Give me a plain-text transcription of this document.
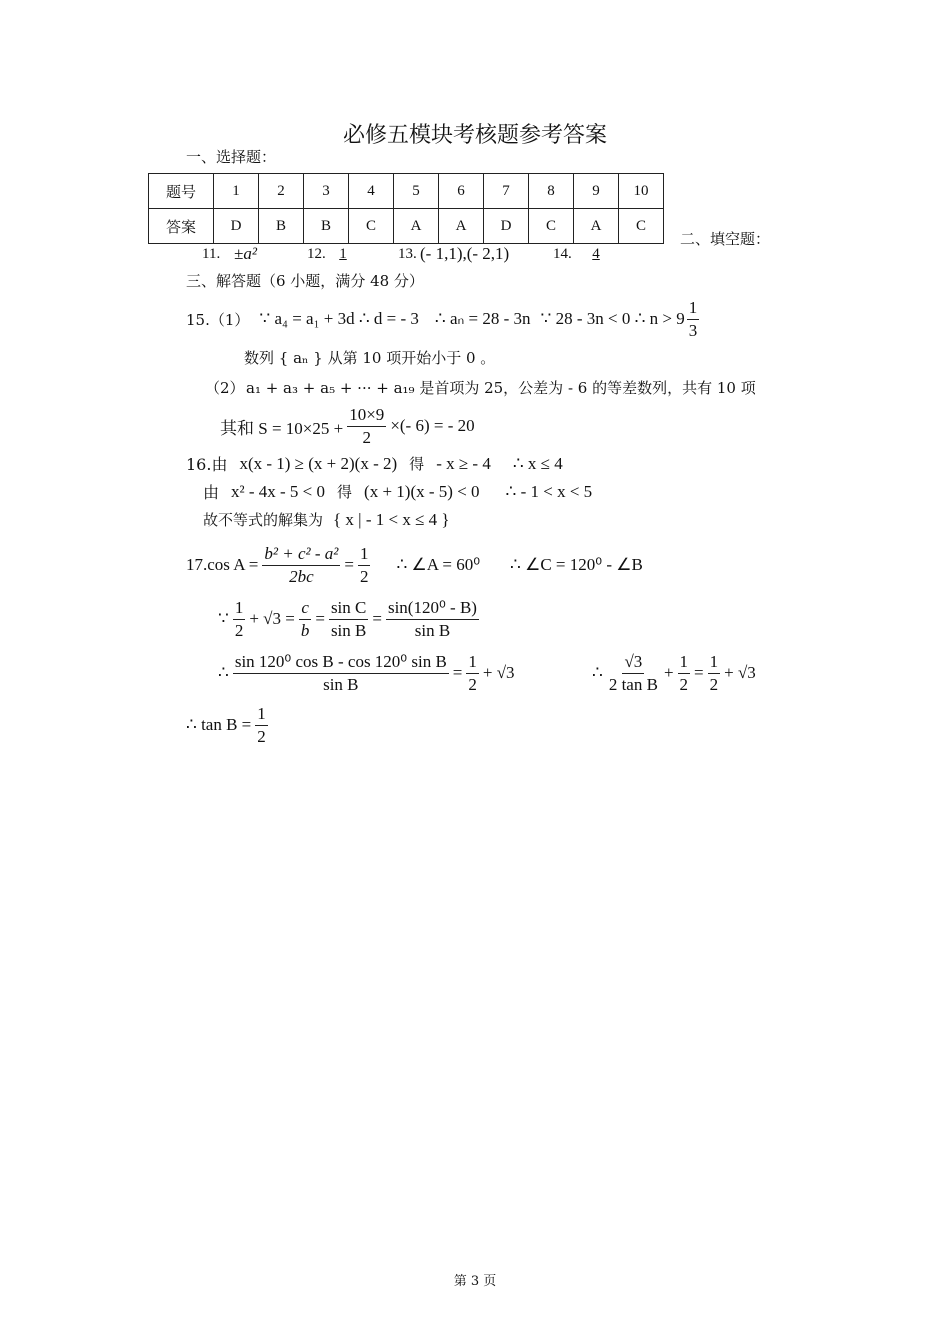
必修五模块考核题参考答案
一、选择题：
题号	1	2	3	4	5	6	7	8	9	10
答案	D	B	B	C	A	A	D	C	A	C
二、填空题：
11. ±a²	12. 1	13. (- 1,1),(- 2,1)	14.	4
三、解答题（6 小题，满分 48 分）
15.（1） ∵ a₄ = a₁ + 3d ∴ d = - 3 ∴ aₙ = 28 - 3n ∵ 28 - 3n < 0 ∴ $n > 9 \frac{1}{3}$
数列 { aₙ } 从第 10 项开始小于 0 。
（2） a₁ + a₃ + a₅ + ··· + a₁₉ 是首项为 25，公差为 - 6 的等差数列，共有 10 项
其和 $S = 10\times 25 + \frac{10\times 9}{2}$ ×(- 6) = - 20
16.由 x(x - 1) ≥ (x + 2)(x - 2) 得 - x ≥ - 4 ∴ x ≤ 4
由 x² - 4x - 5 < 0 得 (x + 1)(x - 5) < 0 ∴ - 1 < x < 5
故不等式的解集为 { x | - 1 < x ≤ 4 }
17.cos $A = \frac{\text{b² + c² - a²}}{2bc} = \frac{1}{2}$ ∴ ∠A = 60⁰ ∴ ∠C = 120⁰ - ∠B
∵ $\frac{1}{2} + √3 = \frac{c}{b} = \frac{\text{sin C}}{\text{sin B}} = \frac{\text{sin(120⁰ - B)}}{\text{sin B}}$
∴ $\frac{\text{sin 120⁰ cos B - cos 120⁰ sin B}}{\text{sin B}} = \frac{1}{2} + √3$	∴ $\frac{√3}{\text{2 tan B}} + \frac{1}{2} = \frac{1}{2} + √3$
∴ $\tan B = \frac{1}{2}$
第 3 页
